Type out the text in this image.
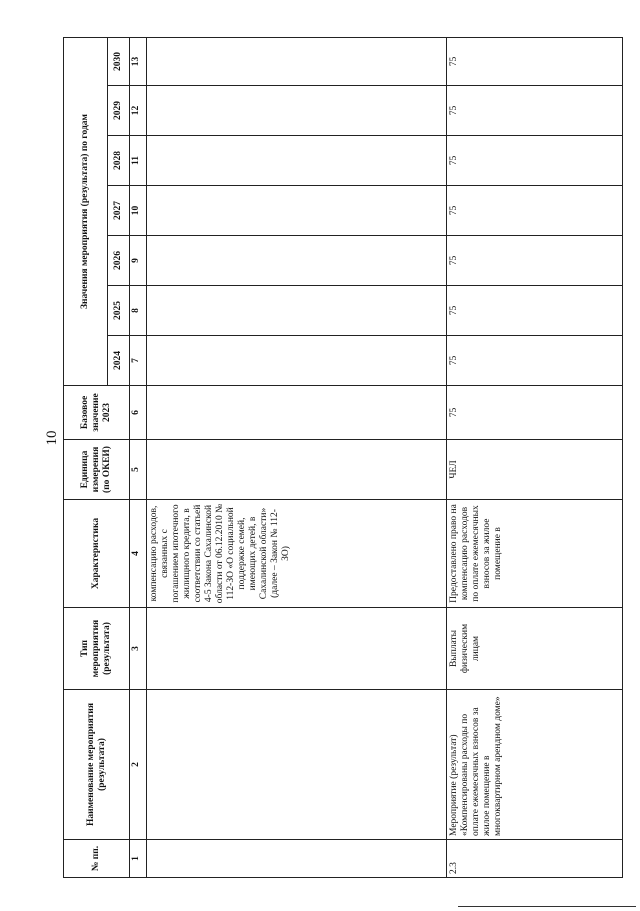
10
№ пп.	Наименование мероприятия (результата)	Тип мероприятия (результата)	Характеристика	Единица измерения (по ОКЕИ)	Базовое значение 2023	Значения мероприятия (результата) по годам						
						2024	2025	2026	2027	2028	2029	2030
1	2	3	4	5	6	7	8	9	10	11	12	13
			компенсацию расходов, связанных с погашением ипотечного жилищного кредита, в соответствии со статьей 4-5 Закона Сахалинской области от 06.12.2010 № 112-ЗО «О социальной поддержке семей, имеющих детей, в Сахалинской области» (далее – Закон № 112-ЗО)									
2.3	Мероприятие (результат) «Компенсированы расходы по оплате ежемесячных взносов за жилое помещение в многоквартирном арендном доме»	Выплаты физическим лицам	Предоставлено право на компенсацию расходов по оплате ежемесячных взносов за жилое помещение в	ЧЕЛ	75	75	75	75	75	75	75	75
